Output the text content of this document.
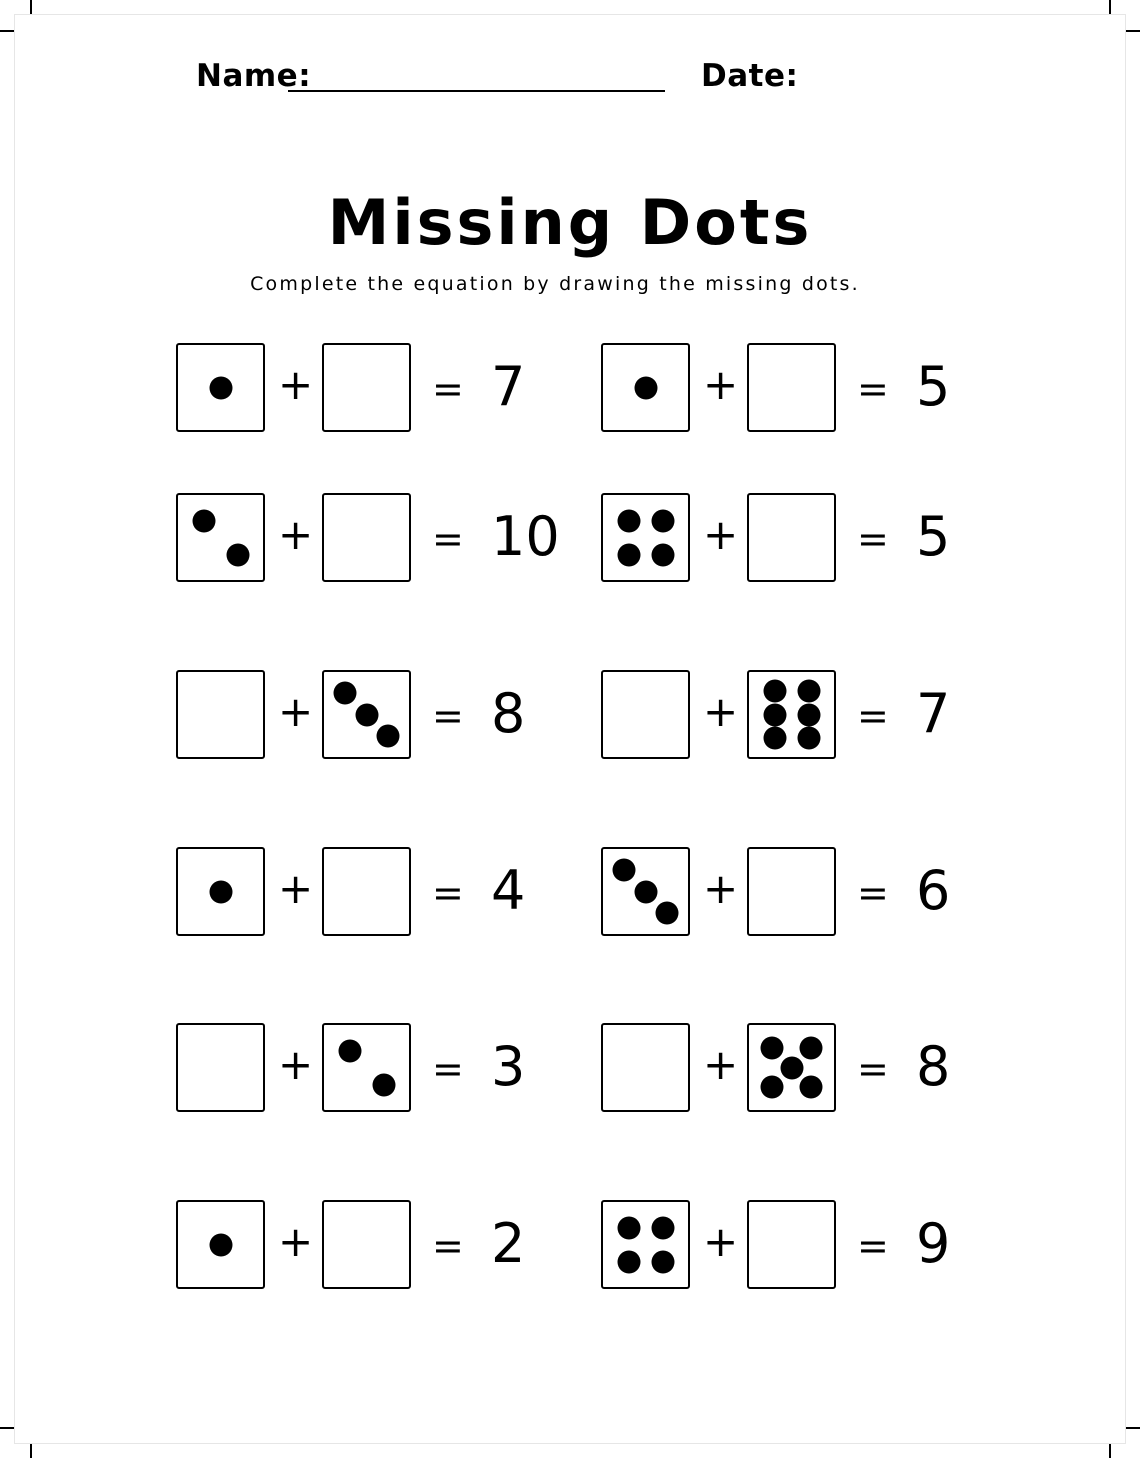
Name:	Date:
Missing Dots
Complete the equation by drawing the missing dots.
+	= 7	+	= 5
+	= 10	+	= 5
+	= 8	+	= 7
+	= 4	+	= 6
+	= 3	+	= 8
+	= 2	+	= 9
